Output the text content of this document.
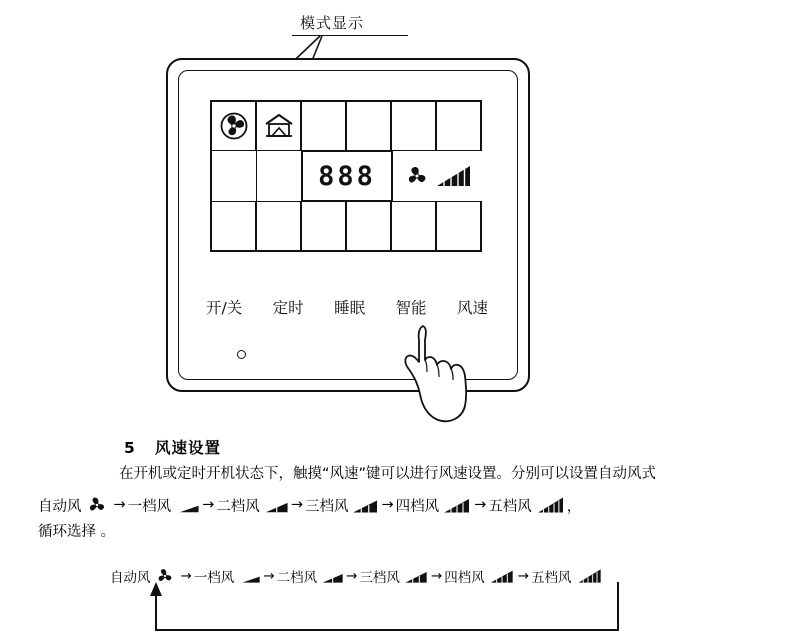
模式显示
888
开/关 定时 睡眠 智能 风速
5 风速设置
在开机或定时开机状态下，触摸“风速”键可以进行风速设置。分别可以设置自动风式
自动风 → 一档风 → 二档风 → 三档风 → 四档风 → 五档风 ，
循环选择 。
自动风 → 一档风 → 二档风 → 三档风 → 四档风 → 五档风
